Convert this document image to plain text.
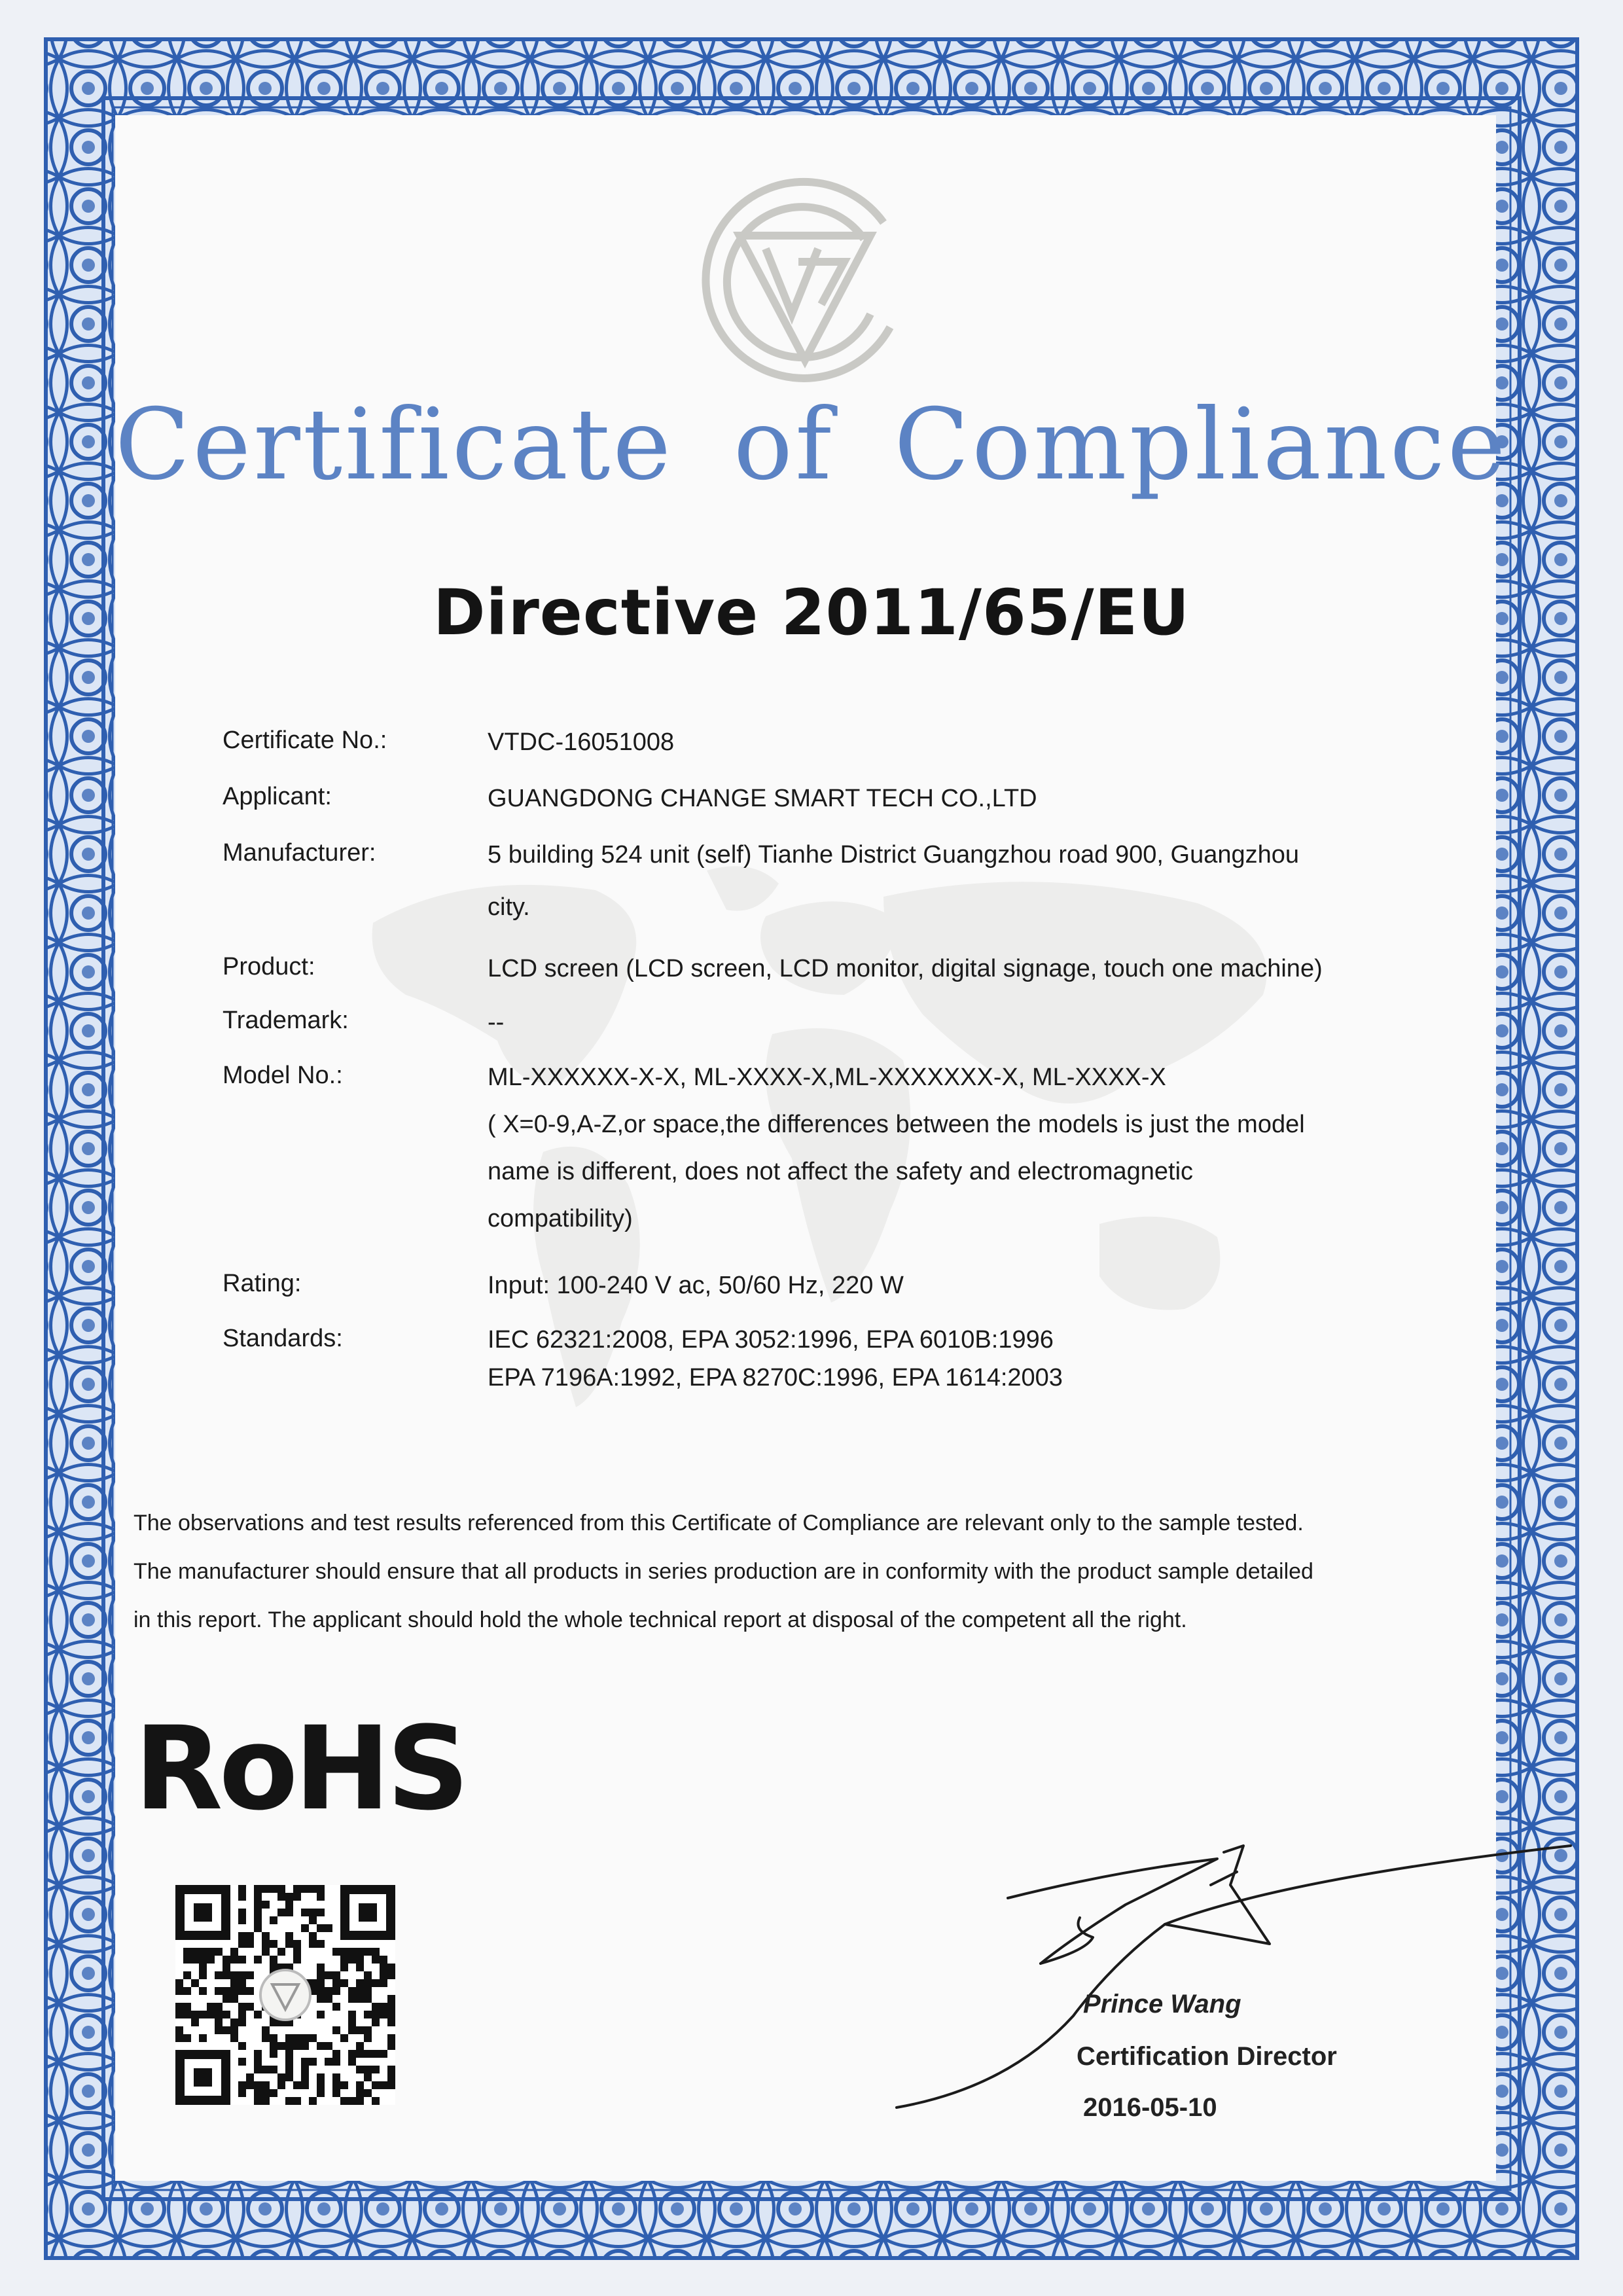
Certificate of Compliance
Directive 2011/65/EU
Certificate No.:	VTDC-16051008
Applicant:	GUANGDONG CHANGE SMART TECH CO.,LTD
Manufacturer:	5 building 524 unit (self) Tianhe District Guangzhou road 900, Guangzhou
city.
Product:	LCD screen (LCD screen, LCD monitor, digital signage, touch one machine)
Trademark:	--
Model No.:	ML-XXXXXX-X-X, ML-XXXX-X,ML-XXXXXXX-X, ML-XXXX-X
( X=0-9,A-Z,or space,the differences between the models is just the model
name is different, does not affect the safety and electromagnetic
compatibility)
Rating:	Input: 100-240 V ac, 50/60 Hz, 220 W
Standards:	IEC 62321:2008, EPA 3052:1996, EPA 6010B:1996
EPA 7196A:1992, EPA 8270C:1996, EPA 1614:2003
The observations and test results referenced from this Certificate of Compliance are relevant only to the sample tested.
The manufacturer should ensure that all products in series production are in conformity with the product sample detailed
in this report. The applicant should hold the whole technical report at disposal of the competent all the right.
RoHS
Prince Wang
Certification Director
2016-05-10
